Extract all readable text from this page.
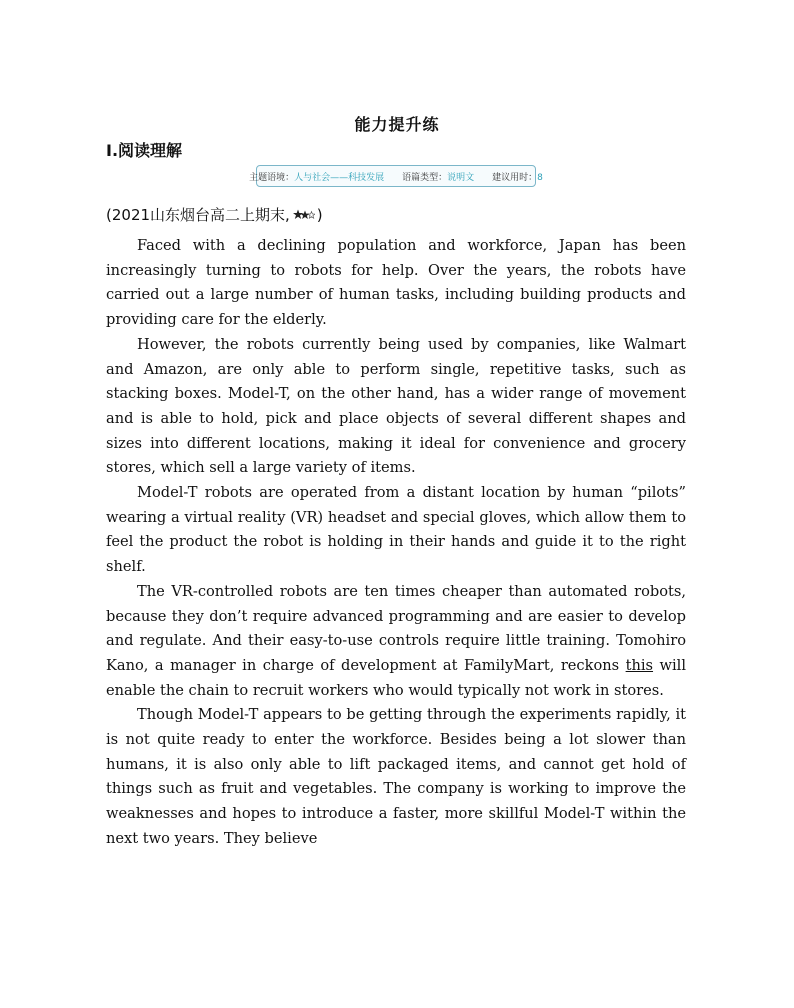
能力提升练
Ⅰ.阅读理解
主题语境：人与社会——科技发展 语篇类型：说明文 建议用时：8
(2021山东烟台高二上期末, )

Faced with a declining population and workforce, Japan has been increasingly turning to robots for help. Over the years, the robots have carried out a large number of human tasks, including building products and providing care for the elderly.

However, the robots currently being used by companies, like Walmart and Amazon, are only able to perform single, repetitive tasks, such as stacking boxes. Model-T, on the other hand, has a wider range of movement and is able to hold, pick and place objects of several different shapes and sizes into different locations, making it ideal for convenience and grocery stores, which sell a large variety of items.

Model-T robots are operated from a distant location by human “pilots” wearing a virtual reality (VR) headset and special gloves, which allow them to feel the product the robot is holding in their hands and guide it to the right shelf.

The VR-controlled robots are ten times cheaper than automated robots, because they don’t require advanced programming and are easier to develop and regulate. And their easy-to-use controls require little training. Tomohiro Kano, a manager in charge of development at FamilyMart, reckons this will enable the chain to recruit workers who would typically not work in stores.

Though Model-T appears to be getting through the experiments rapidly, it is not quite ready to enter the workforce. Besides being a lot slower than humans, it is also only able to lift packaged items, and cannot get hold of things such as fruit and vegetables. The company is working to improve the weaknesses and hopes to introduce a faster, more skillful Model-T within the next two years. They believe
